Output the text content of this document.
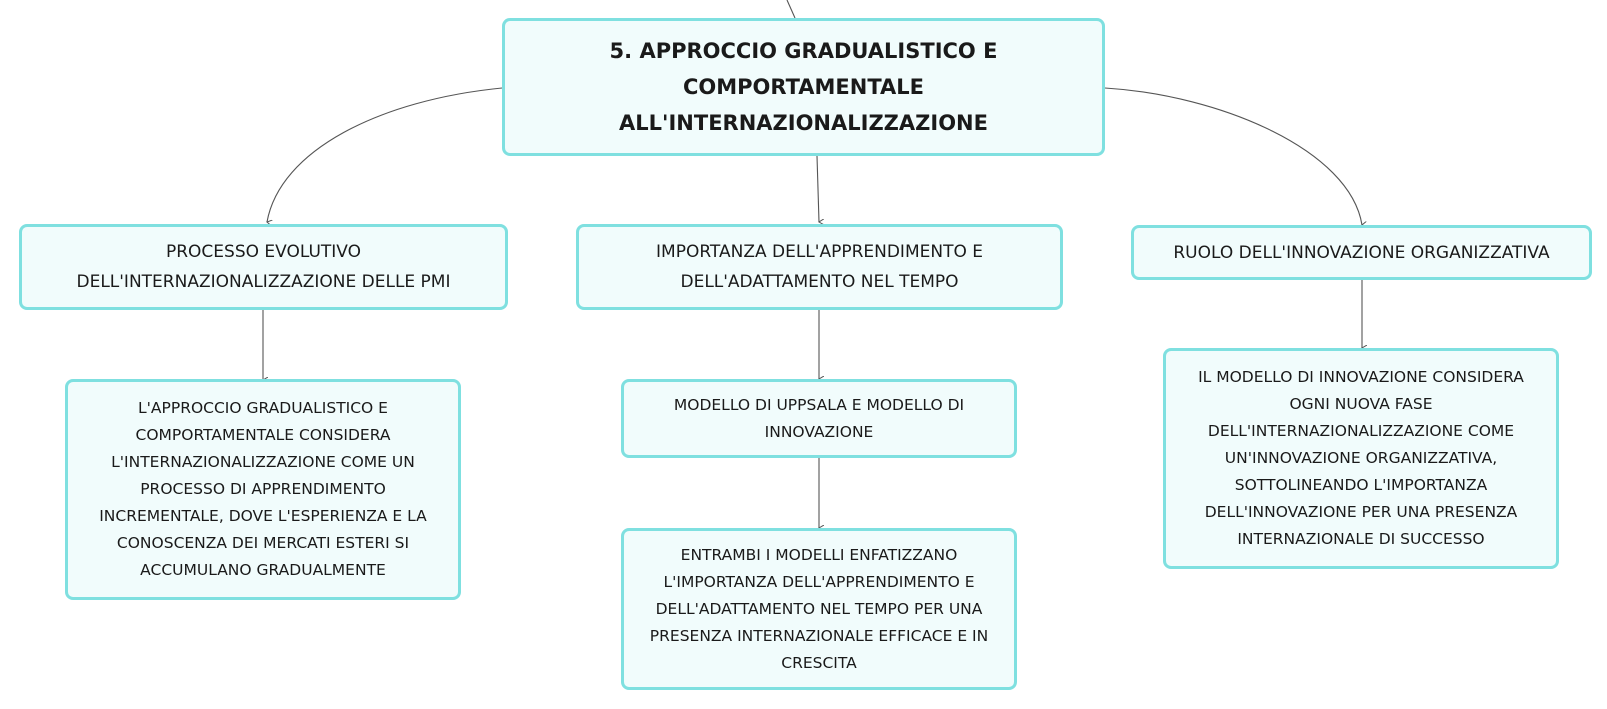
5. APPROCCIO GRADUALISTICO E COMPORTAMENTALE ALL'INTERNAZIONALIZZAZIONE
PROCESSO EVOLUTIVO DELL'INTERNAZIONALIZZAZIONE DELLE PMI
IMPORTANZA DELL'APPRENDIMENTO E DELL'ADATTAMENTO NEL TEMPO
RUOLO DELL'INNOVAZIONE ORGANIZZATIVA
L'APPROCCIO GRADUALISTICO E COMPORTAMENTALE CONSIDERA L'INTERNAZIONALIZZAZIONE COME UN PROCESSO DI APPRENDIMENTO INCREMENTALE, DOVE L'ESPERIENZA E LA CONOSCENZA DEI MERCATI ESTERI SI ACCUMULANO GRADUALMENTE
MODELLO DI UPPSALA E MODELLO DI INNOVAZIONE
ENTRAMBI I MODELLI ENFATIZZANO L'IMPORTANZA DELL'APPRENDIMENTO E DELL'ADATTAMENTO NEL TEMPO PER UNA PRESENZA INTERNAZIONALE EFFICACE E IN CRESCITA
IL MODELLO DI INNOVAZIONE CONSIDERA OGNI NUOVA FASE DELL'INTERNAZIONALIZZAZIONE COME UN'INNOVAZIONE ORGANIZZATIVA, SOTTOLINEANDO L'IMPORTANZA DELL'INNOVAZIONE PER UNA PRESENZA INTERNAZIONALE DI SUCCESSO
